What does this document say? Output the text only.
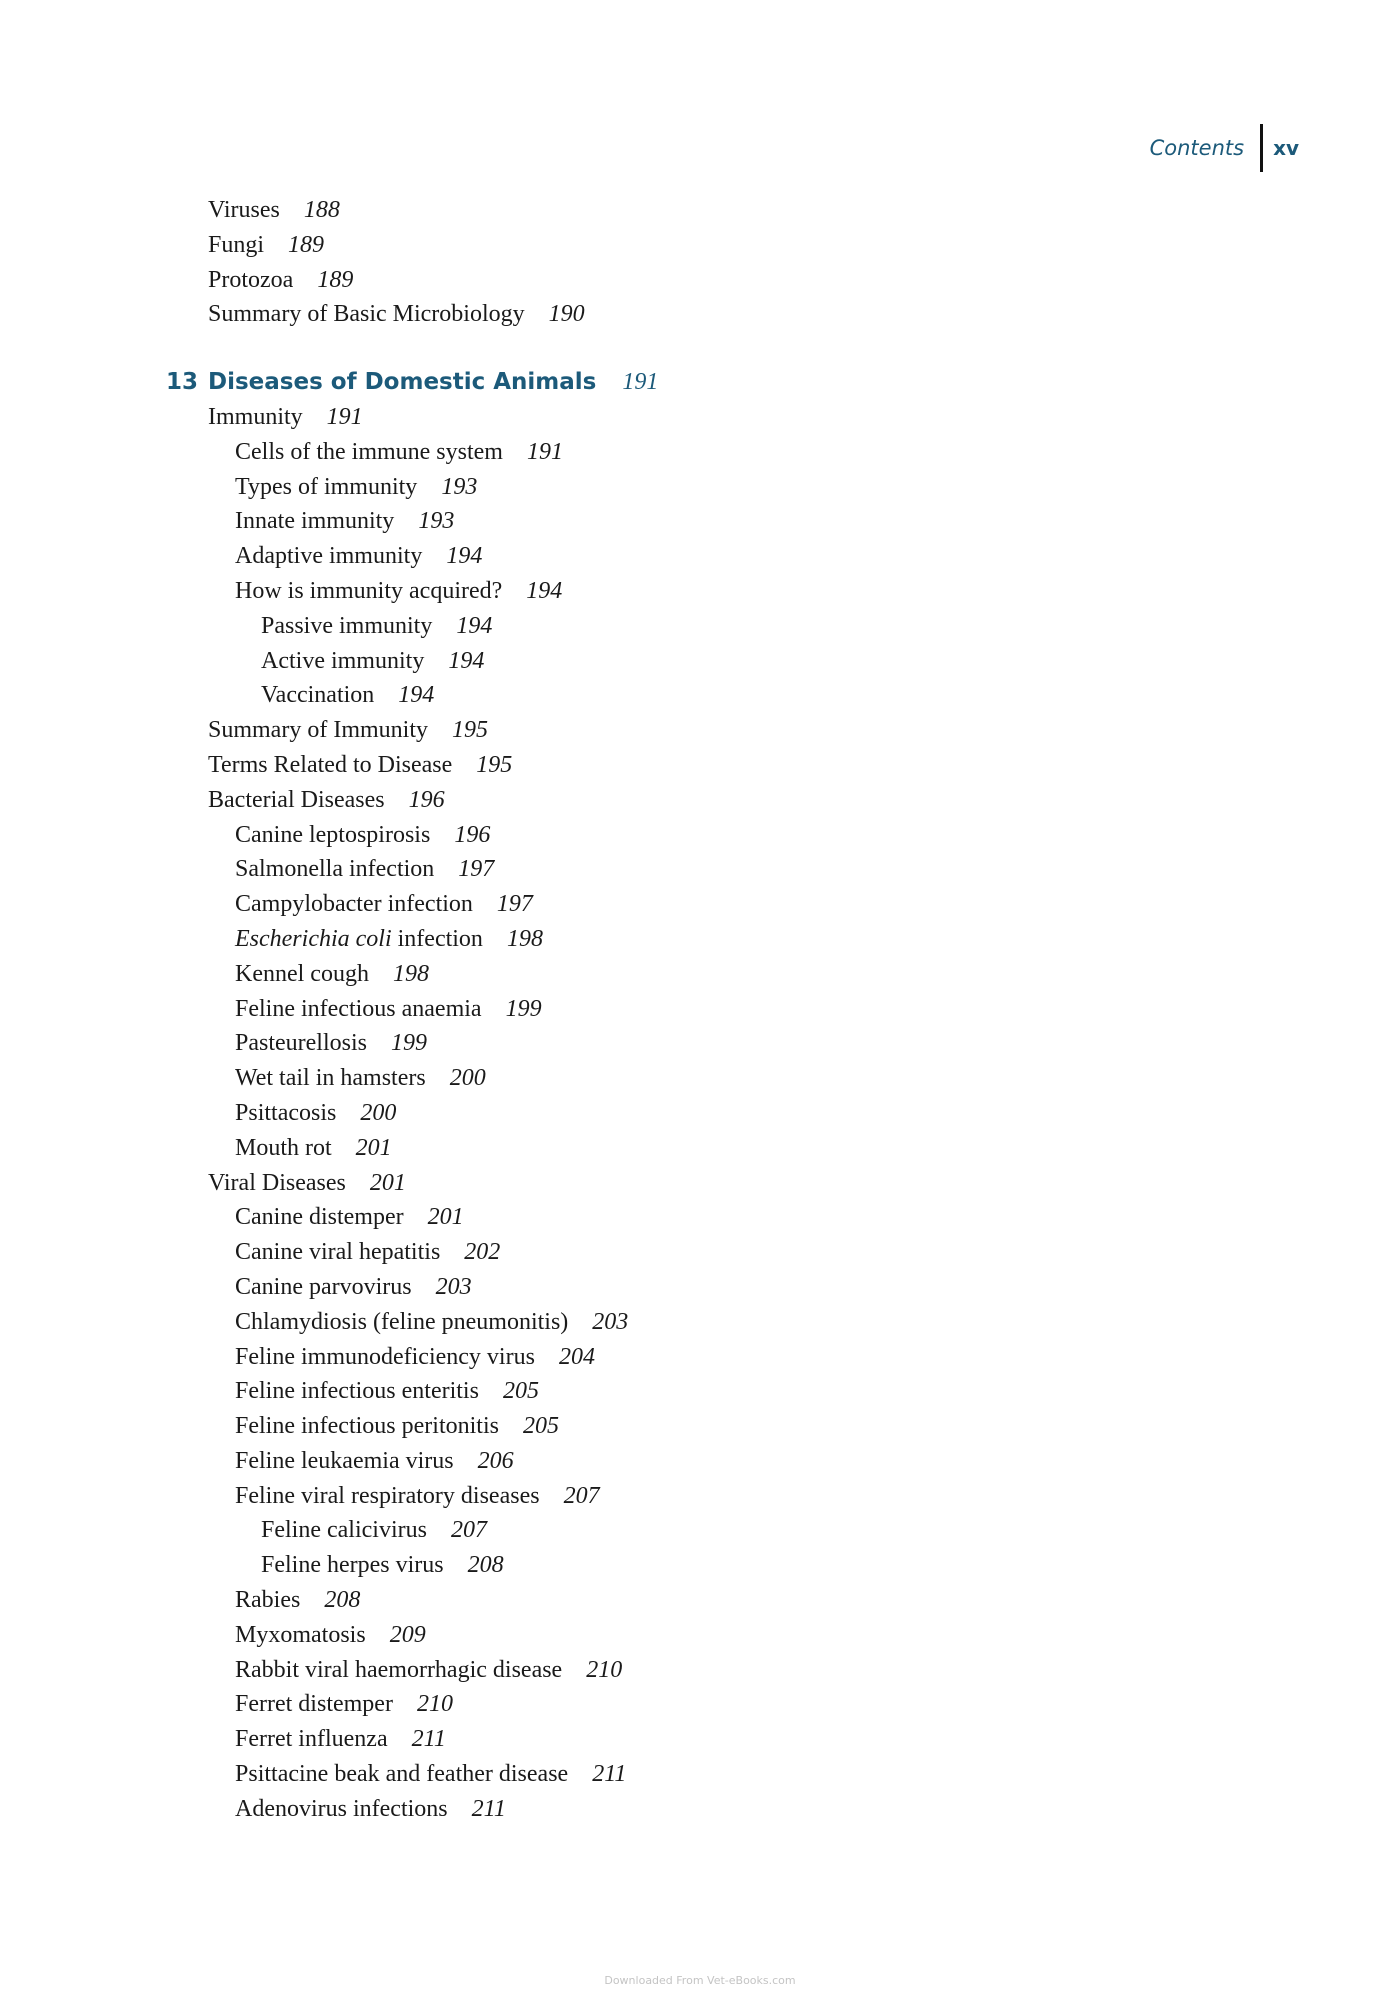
Contents	xv
Viruses 188
Fungi 189
Protozoa 189
Summary of Basic Microbiology 190
13 Diseases of Domestic Animals 191
Immunity 191
Cells of the immune system 191
Types of immunity 193
Innate immunity 193
Adaptive immunity 194
How is immunity acquired? 194
Passive immunity 194
Active immunity 194
Vaccination 194
Summary of Immunity 195
Terms Related to Disease 195
Bacterial Diseases 196
Canine leptospirosis 196
Salmonella infection 197
Campylobacter infection 197
Escherichia coli infection 198
Kennel cough 198
Feline infectious anaemia 199
Pasteurellosis 199
Wet tail in hamsters 200
Psittacosis 200
Mouth rot 201
Viral Diseases 201
Canine distemper 201
Canine viral hepatitis 202
Canine parvovirus 203
Chlamydiosis (feline pneumonitis) 203
Feline immunodeficiency virus 204
Feline infectious enteritis 205
Feline infectious peritonitis 205
Feline leukaemia virus 206
Feline viral respiratory diseases 207
Feline calicivirus 207
Feline herpes virus 208
Rabies 208
Myxomatosis 209
Rabbit viral haemorrhagic disease 210
Ferret distemper 210
Ferret influenza 211
Psittacine beak and feather disease 211
Adenovirus infections 211
Downloaded From Vet-eBooks.com
